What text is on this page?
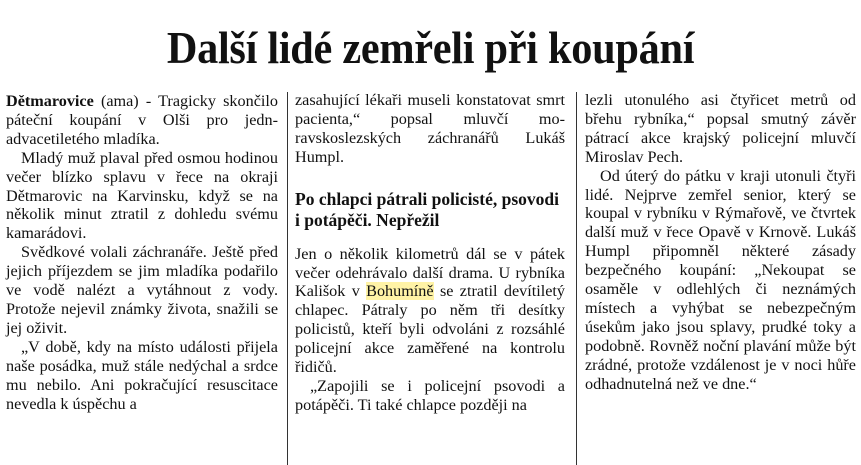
Další lidé zemřeli při koupání

Dětmarovice (ama) - Tragicky skončilo páteční koupání v Olši pro jednadvacetiletého mladíka.

Mladý muž plaval před osmou hodinou večer blízko splavu v řece na okraji Dětmarovic na Karvinsku, když se na několik minut ztratil z dohledu svému kamarádovi.

Svědkové volali záchranáře. Ještě před jejich příjezdem se jim mladíka podařilo ve vodě nalézt a vytáhnout z vody. Protože nejevil známky života, snažili se jej oživit.

„V době, kdy na místo události přijela naše posádka, muž stále nedýchal a srdce mu nebilo. Ani pokračující resuscitace nevedla k úspěchu a

zasahující lékaři museli konstatovat smrt pacienta,“ popsal mluvčí moravskoslezských záchranářů Lukáš Humpl.

Po chlapci pátrali policisté, psovodi i potápěči. Nepřežil

Jen o několik kilometrů dál se v pátek večer odehrávalo další drama. U rybníka Kališok v Bohumíně se ztratil devítiletý chlapec. Pátraly po něm tři desítky policistů, kteří byli odvoláni z rozsáhlé policejní akce zaměřené na kontrolu řidičů.

„Zapojili se i policejní psovodi a potápěči. Ti také chlapce později na

lezli utonulého asi čtyřicet metrů od břehu rybníka,“ popsal smutný závěr pátrací akce krajský policejní mluvčí Miroslav Pech.

Od úterý do pátku v kraji utonuli čtyři lidé. Nejprve zemřel senior, který se koupal v rybníku v Rýmařově, ve čtvrtek další muž v řece Opavě v Krnově. Lukáš Humpl připomněl některé zásady bezpečného koupání: „Nekoupat se osaměle v odlehlých či neznámých místech a vyhýbat se nebezpečným úsekům jako jsou splavy, prudké toky a podobně. Rovněž noční plavání může být zrádné, protože vzdálenost je v noci hůře odhadnutelná než ve dne.“
